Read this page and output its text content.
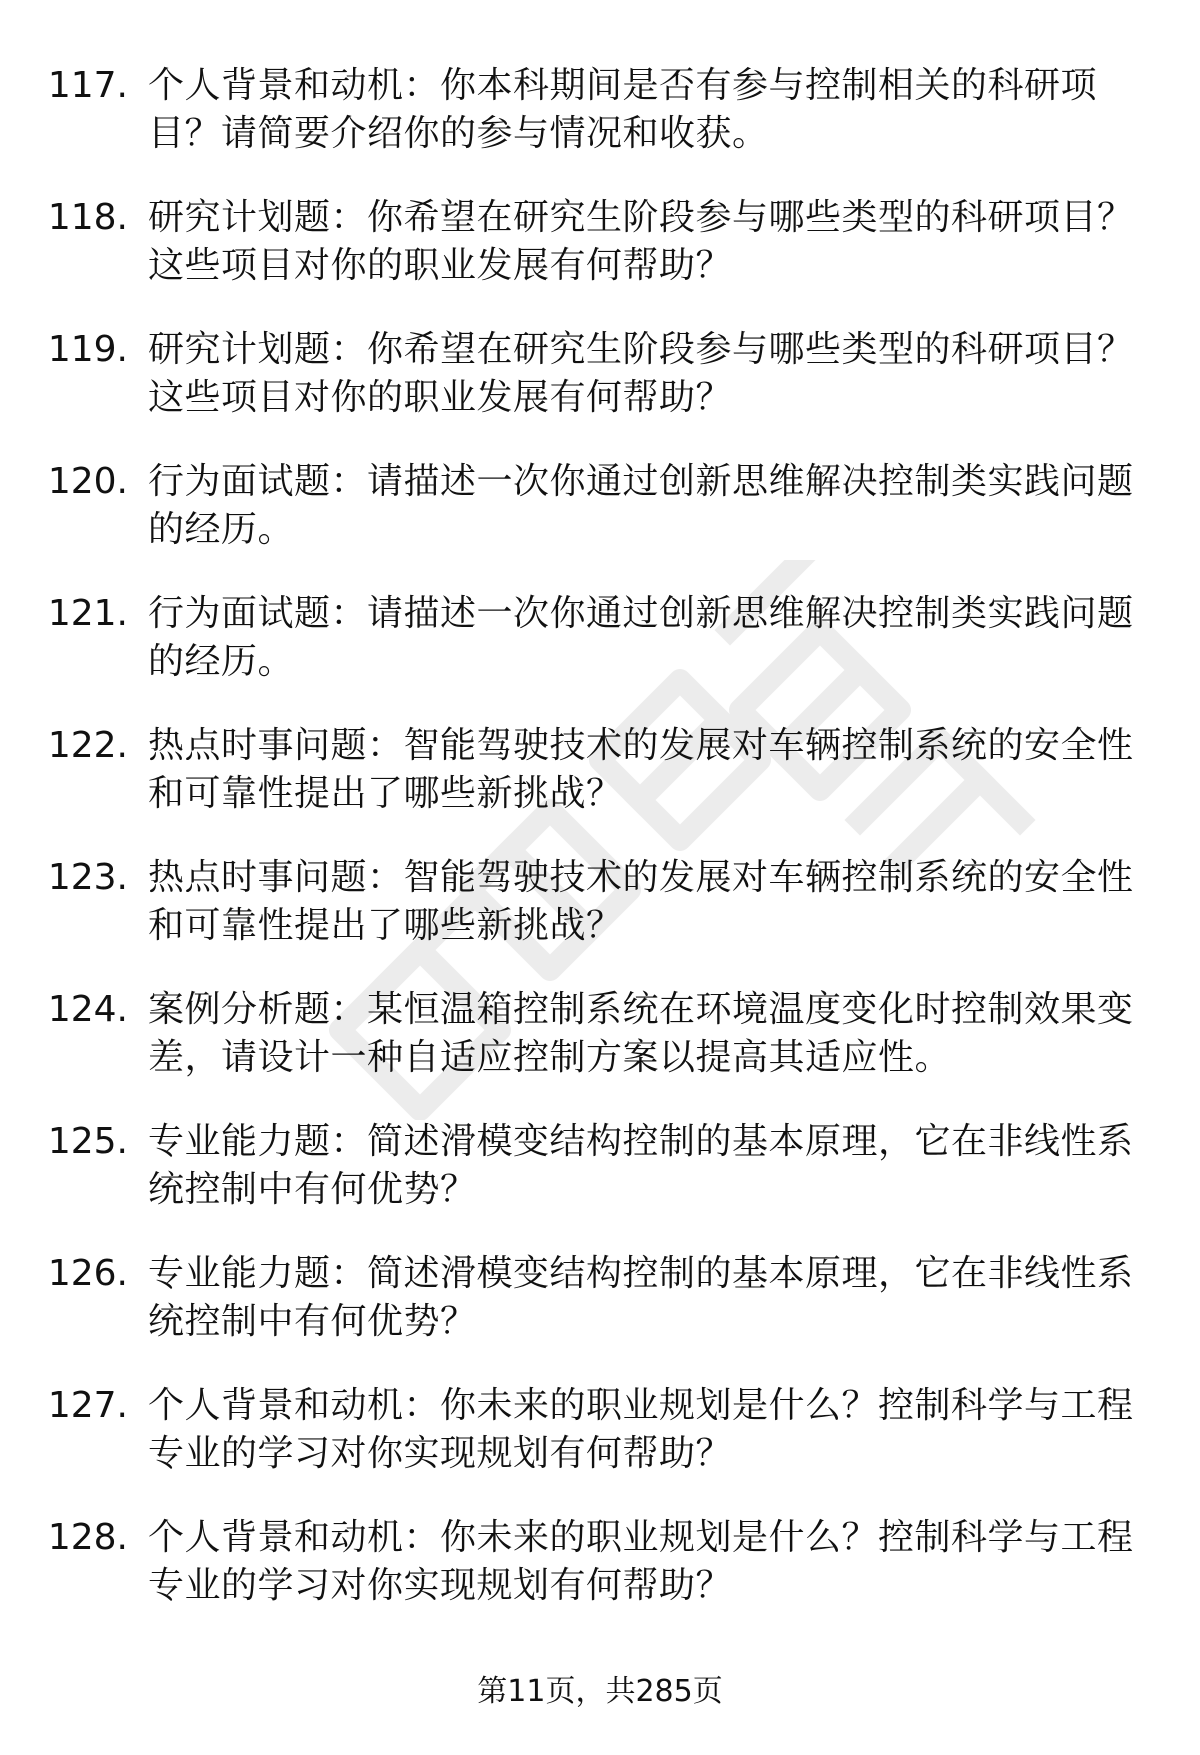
117. 个人背景和动机：你本科期间是否有参与控制相关的科研项目？请简要介绍你的参与情况和收获。
118. 研究计划题：你希望在研究生阶段参与哪些类型的科研项目？这些项目对你的职业发展有何帮助？
119. 研究计划题：你希望在研究生阶段参与哪些类型的科研项目？这些项目对你的职业发展有何帮助？
120. 行为面试题：请描述一次你通过创新思维解决控制类实践问题的经历。
121. 行为面试题：请描述一次你通过创新思维解决控制类实践问题的经历。
122. 热点时事问题：智能驾驶技术的发展对车辆控制系统的安全性和可靠性提出了哪些新挑战？
123. 热点时事问题：智能驾驶技术的发展对车辆控制系统的安全性和可靠性提出了哪些新挑战？
124. 案例分析题：某恒温箱控制系统在环境温度变化时控制效果变差，请设计一种自适应控制方案以提高其适应性。
125. 专业能力题：简述滑模变结构控制的基本原理，它在非线性系统控制中有何优势？
126. 专业能力题：简述滑模变结构控制的基本原理，它在非线性系统控制中有何优势？
127. 个人背景和动机：你未来的职业规划是什么？控制科学与工程专业的学习对你实现规划有何帮助？
128. 个人背景和动机：你未来的职业规划是什么？控制科学与工程专业的学习对你实现规划有何帮助？
第11页，共285页
